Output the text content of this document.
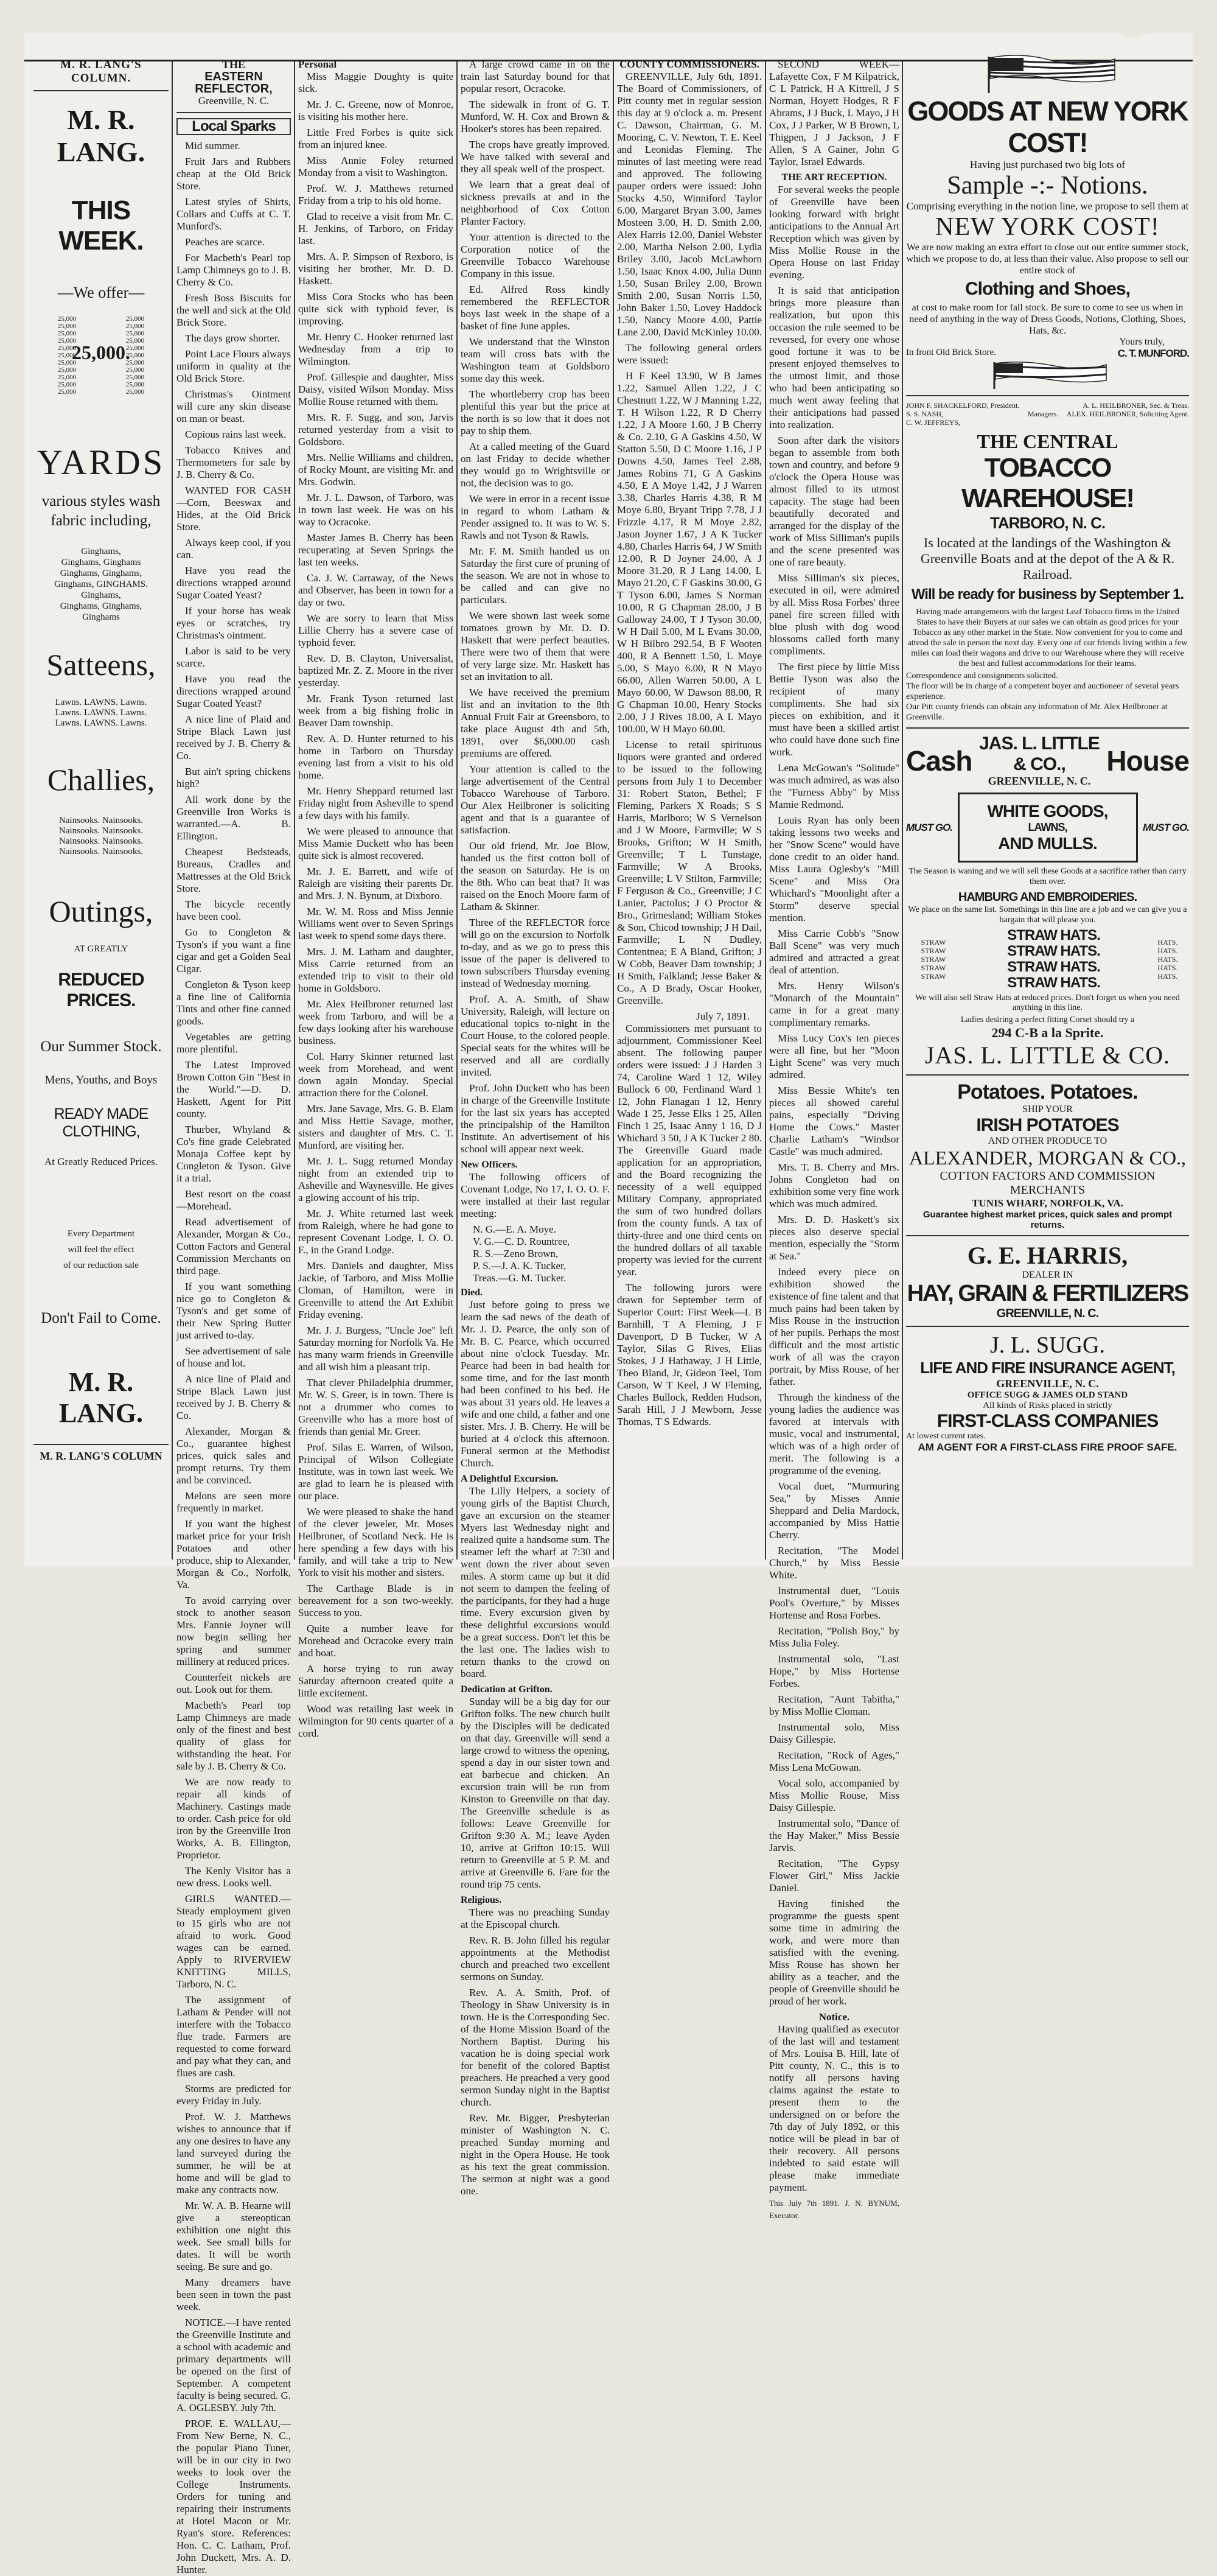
M. R. LANG'S COLUMN.
M. R. LANG.
THIS WEEK.
—We offer—

25,000
25,000
25,000
25,000
25,000
25,000
25,000
25,000
25,000
25,000
25,000

25,000
25,000
25,000
25,000
25,000
25,000
25,000
25,000
25,000
25,000
25,000

25,000.
YARDS
various styles wash fabric including,
Ginghams,
Ginghams, Ginghams
Ginghams, Ginghams,
Ginghams, GINGHAMS. Ginghams,
Ginghams, Ginghams,
Ginghams
Satteens,
Lawns. LAWNS. Lawns.
Lawns. LAWNS. Lawns.
Lawns. LAWNS. Lawns.
Challies,
Nainsooks. Nainsooks.
Nainsooks. Nainsooks.
Nainsooks. Nainsooks.
Nainsooks. Nainsooks.
Outings,
AT GREATLY
REDUCED PRICES.
Our Summer Stock.
Mens, Youths, and Boys
READY MADE CLOTHING,
At Greatly Reduced Prices.
Every Department
will feel the effect
of our reduction sale
Don't Fail to Come.
M. R. LANG.
M. R. LANG'S COLUMN
THE
EASTERN REFLECTOR,
Greenville, N. C.
Local Sparks

Mid summer.

Fruit Jars and Rubbers cheap at the Old Brick Store.

Latest styles of Shirts, Collars and Cuffs at C. T. Munford's.

Peaches are scarce.

For Macbeth's Pearl top Lamp Chimneys go to J. B. Cherry & Co.

Fresh Boss Biscuits for the well and sick at the Old Brick Store.

The days grow shorter.

Point Lace Flours always uniform in quality at the Old Brick Store.

Christmas's Ointment will cure any skin disease on man or beast.

Copious rains last week.

Tobacco Knives and Thermometers for sale by J. B. Cherry & Co.

WANTED FOR CASH—Corn, Beeswax and Hides, at the Old Brick Store.

Always keep cool, if you can.

Have you read the directions wrapped around Sugar Coated Yeast?

If your horse has weak eyes or scratches, try Christmas's ointment.

Labor is said to be very scarce.

Have you read the directions wrapped around Sugar Coated Yeast?

A nice line of Plaid and Stripe Black Lawn just received by J. B. Cherry & Co.

But ain't spring chickens high?

All work done by the Greenville Iron Works is warranted.—A. B. Ellington.

Cheapest Bedsteads, Bureaus, Cradles and Mattresses at the Old Brick Store.

The bicycle recently have been cool.

Go to Congleton & Tyson's if you want a fine cigar and get a Golden Seal Cigar.

Congleton & Tyson keep a fine line of California Tints and other fine canned goods.

Vegetables are getting more plentiful.

The Latest Improved Brown Cotton Gin "Best in the World."—D. D. Haskett, Agent for Pitt county.

Thurber, Whyland & Co's fine grade Celebrated Monaja Coffee kept by Congleton & Tyson. Give it a trial.

Best resort on the coast—Morehead.

Read advertisement of Alexander, Morgan & Co., Cotton Factors and General Commission Merchants on third page.

If you want something nice go to Congleton & Tyson's and get some of their New Spring Butter just arrived to-day.

See advertisement of sale of house and lot.

A nice line of Plaid and Stripe Black Lawn just received by J. B. Cherry & Co.

Alexander, Morgan & Co., guarantee highest prices, quick sales and prompt returns. Try them and be convinced.

Melons are seen more frequently in market.

If you want the highest market price for your Irish Potatoes and other produce, ship to Alexander, Morgan & Co., Norfolk, Va.

To avoid carrying over stock to another season Mrs. Fannie Joyner will now begin selling her spring and summer millinery at reduced prices.

Counterfeit nickels are out. Look out for them.

Macbeth's Pearl top Lamp Chimneys are made only of the finest and best quality of glass for withstanding the heat. For sale by J. B. Cherry & Co.

We are now ready to repair all kinds of Machinery. Castings made to order. Cash price for old iron by the Greenville Iron Works, A. B. Ellington, Proprietor.

The Kenly Visitor has a new dress. Looks well.

GIRLS WANTED.—Steady employment given to 15 girls who are not afraid to work. Good wages can be earned. Apply to RIVERVIEW KNITTING MILLS, Tarboro, N. C.

The assignment of Latham & Pender will not interfere with the Tobacco flue trade. Farmers are requested to come forward and pay what they can, and flues are cash.

Storms are predicted for every Friday in July.

Prof. W. J. Matthews wishes to announce that if any one desires to have any land surveyed during the summer, he will be at home and will be glad to make any contracts now.

Mr. W. A. B. Hearne will give a stereoptican exhibition one night this week. See small bills for dates. It will be worth seeing. Be sure and go.

Many dreamers have been seen in town the past week.

NOTICE.—I have rented the Greenville Institute and a school with academic and primary departments will be opened on the first of September. A competent faculty is being secured. G. A. OGLESBY. July 7th.

PROF. E. WALLAU,—From New Berne, N. C., the popular Piano Tuner, will be in our city in two weeks to look over the College Instruments. Orders for tuning and repairing their instruments at Hotel Macon or Mr. Ryan's store. References: Hon. C. C. Latham, Prof. John Duckett, Mrs. A. D. Hunter.

Personal

Miss Maggie Doughty is quite sick.

Mr. J. C. Greene, now of Monroe, is visiting his mother here.

Little Fred Forbes is quite sick from an injured knee.

Miss Annie Foley returned Monday from a visit to Washington.

Prof. W. J. Matthews returned Friday from a trip to his old home.

Glad to receive a visit from Mr. C. H. Jenkins, of Tarboro, on Friday last.

Mrs. A. P. Simpson of Rexboro, is visiting her brother, Mr. D. D. Haskett.

Miss Cora Stocks who has been quite sick with typhoid fever, is improving.

Mr. Henry C. Hooker returned last Wednesday from a trip to Wilmington.

Prof. Gillespie and daughter, Miss Daisy, visited Wilson Monday. Miss Mollie Rouse returned with them.

Mrs. R. F. Sugg, and son, Jarvis returned yesterday from a visit to Goldsboro.

Mrs. Nellie Williams and children, of Rocky Mount, are visiting Mr. and Mrs. Godwin.

Mr. J. L. Dawson, of Tarboro, was in town last week. He was on his way to Ocracoke.

Master James B. Cherry has been recuperating at Seven Springs the last ten weeks.

Ca. J. W. Carraway, of the News and Observer, has been in town for a day or two.

We are sorry to learn that Miss Lillie Cherry has a severe case of typhoid fever.

Rev. D. B. Clayton, Universalist, baptized Mr. Z. Z. Moore in the river yesterday.

Mr. Frank Tyson returned last week from a big fishing frolic in Beaver Dam township.

Rev. A. D. Hunter returned to his home in Tarboro on Thursday evening last from a visit to his old home.

Mr. Henry Sheppard returned last Friday night from Asheville to spend a few days with his family.

We were pleased to announce that Miss Mamie Duckett who has been quite sick is almost recovered.

Mr. J. E. Barrett, and wife of Raleigh are visiting their parents Dr. and Mrs. J. N. Bynum, at Dixboro.

Mr. W. M. Ross and Miss Jennie Williams went over to Seven Springs last week to spend some days there.

Mrs. J. M. Latham and daughter, Miss Carrie returned from an extended trip to visit to their old home in Goldsboro.

Mr. Alex Heilbroner returned last week from Tarboro, and will be a few days looking after his warehouse business.

Col. Harry Skinner returned last week from Morehead, and went down again Monday. Special attraction there for the Colonel.

Mrs. Jane Savage, Mrs. G. B. Elam and Miss Hettie Savage, mother, sisters and daughter of Mrs. C. T. Munford, are visiting her.

Mr. J. L. Sugg returned Monday night from an extended trip to Asheville and Waynesville. He gives a glowing account of his trip.

Mr. J. White returned last week from Raleigh, where he had gone to represent Covenant Lodge, I. O. O. F., in the Grand Lodge.

Mrs. Daniels and daughter, Miss Jackie, of Tarboro, and Miss Mollie Cloman, of Hamilton, were in Greenville to attend the Art Exhibit Friday evening.

Mr. J. J. Burgess, "Uncle Joe" left Saturday morning for Norfolk Va. He has many warm friends in Greenville and all wish him a pleasant trip.

That clever Philadelphia drummer, Mr. W. S. Greer, is in town. There is not a drummer who comes to Greenville who has a more host of friends than genial Mr. Greer.

Prof. Silas E. Warren, of Wilson, Principal of Wilson Collegiate Institute, was in town last week. We are glad to learn he is pleased with our place.

We were pleased to shake the hand of the clever jeweler, Mr. Moses Heilbroner, of Scotland Neck. He is here spending a few days with his family, and will take a trip to New York to visit his mother and sisters.

The Carthage Blade is in bereavement for a son two-weekly. Success to you.

Quite a number leave for Morehead and Ocracoke every train and boat.

A horse trying to run away Saturday afternoon created quite a little excitement.

Wood was retailing last week in Wilmington for 90 cents quarter of a cord.

A large crowd came in on the train last Saturday bound for that popular resort, Ocracoke.

The sidewalk in front of G. T. Munford, W. H. Cox and Brown & Hooker's stores has been repaired.

The crops have greatly improved. We have talked with several and they all speak well of the prospect.

We learn that a great deal of sickness prevails at and in the neighborhood of Cox Cotton Planter Factory.

Your attention is directed to the Corporation notice of the Greenville Tobacco Warehouse Company in this issue.

Ed. Alfred Ross kindly remembered the REFLECTOR boys last week in the shape of a basket of fine June apples.

We understand that the Winston team will cross bats with the Washington team at Goldsboro some day this week.

The whortleberry crop has been plentiful this year but the price at the north is so low that it does not pay to ship them.

At a called meeting of the Guard on last Friday to decide whether they would go to Wrightsville or not, the decision was to go.

We were in error in a recent issue in regard to whom Latham & Pender assigned to. It was to W. S. Rawls and not Tyson & Rawls.

Mr. F. M. Smith handed us on Saturday the first cure of pruning of the season. We are not in whose to be called and can give no particulars.

We were shown last week some tomatoes grown by Mr. D. D. Haskett that were perfect beauties. There were two of them that were of very large size. Mr. Haskett has set an invitation to all.

We have received the premium list and an invitation to the 8th Annual Fruit Fair at Greensboro, to take place August 4th and 5th, 1891, over $6,000.00 cash premiums are offered.

Your attention is called to the large advertisement of the Central Tobacco Warehouse of Tarboro. Our Alex Heilbroner is soliciting agent and that is a guarantee of satisfaction.

Our old friend, Mr. Joe Blow, handed us the first cotton boll of the season on Saturday. He is on the 8th. Who can beat that? It was raised on the Enoch Moore farm of Latham & Skinner.

Three of the REFLECTOR force will go on the excursion to Norfolk to-day, and as we go to press this issue of the paper is delivered to town subscribers Thursday evening instead of Wednesday morning.

Prof. A. A. Smith, of Shaw University, Raleigh, will lecture on educational topics to-night in the Court House, to the colored people. Special seats for the whites will be reserved and all are cordially invited.

Prof. John Duckett who has been in charge of the Greenville Institute for the last six years has accepted the principalship of the Hamilton Institute. An advertisement of his school will appear next week.

New Officers.

The following officers of Covenant Lodge, No 17, I. O. O. F. were installed at their last regular meeting:

N. G.—E. A. Moye.
V. G.—C. D. Rountree,
R. S.—Zeno Brown,
P. S.—J. A. K. Tucker,
Treas.—G. M. Tucker.
Died.

Just before going to press we learn the sad news of the death of Mr. J. D. Pearce, the only son of Mr. B. C. Pearce, which occurred about nine o'clock Tuesday. Mr. Pearce had been in bad health for some time, and for the last month had been confined to his bed. He was about 31 years old. He leaves a wife and one child, a father and one sister. Mrs. J. B. Cherry. He will be buried at 4 o'clock this afternoon. Funeral sermon at the Methodist Church.

A Delightful Excursion.

The Lilly Helpers, a society of young girls of the Baptist Church, gave an excursion on the steamer Myers last Wednesday night and realized quite a handsome sum. The steamer left the wharf at 7:30 and went down the river about seven miles. A storm came up but it did not seem to dampen the feeling of the participants, for they had a huge time. Every excursion given by these delightful excursions would be a great success. Don't let this be the last one. The ladies wish to return thanks to the crowd on board.

Dedication at Grifton.

Sunday will be a big day for our Grifton folks. The new church built by the Disciples will be dedicated on that day. Greenville will send a large crowd to witness the opening, spend a day in our sister town and eat barbecue and chicken. An excursion train will be run from Kinston to Greenville on that day. The Greenville schedule is as follows: Leave Greenville for Grifton 9:30 A. M.; leave Ayden 10, arrive at Grifton 10:15. Will return to Greenville at 5 P. M. and arrive at Greenville 6. Fare for the round trip 75 cents.

Religious.

There was no preaching Sunday at the Episcopal church.

Rev. R. B. John filled his regular appointments at the Methodist church and preached two excellent sermons on Sunday.

Rev. A. A. Smith, Prof. of Theology in Shaw University is in town. He is the Corresponding Sec. of the Home Mission Board of the Northern Baptist. During his vacation he is doing special work for benefit of the colored Baptist preachers. He preached a very good sermon Sunday night in the Baptist church.

Rev. Mr. Bigger, Presbyterian minister of Washington N. C. preached Sunday morning and night in the Opera House. He took as his text the great commission. The sermon at night was a good one.

COUNTY COMMISSIONERS.

GREENVILLE, July 6th, 1891. The Board of Commissioners, of Pitt county met in regular session this day at 9 o'clock a. m. Present C. Dawson, Chairman, G. M. Mooring, C. V. Newton, T. E. Keel and Leonidas Fleming. The minutes of last meeting were read and approved. The following pauper orders were issued: John Stocks 4.50, Winniford Taylor 6.00, Margaret Bryan 3.00, James Mosteen 3.00, H. D. Smith 2.00, Alex Harris 12.00, Daniel Webster 2.00, Martha Nelson 2.00, Lydia Briley 3.00, Jacob McLawhorn 1.50, Isaac Knox 4.00, Julia Dunn 1.50, Susan Briley 2.00, Brown Smith 2.00, Susan Norris 1.50, John Baker 1.50, Lovey Haddock 1.50, Nancy Moore 4.00, Pattie Lane 2.00, David McKinley 10.00.

The following general orders were issued:

H F Keel 13.90, W B James 1.22, Samuel Allen 1.22, J C Chestnutt 1.22, W J Manning 1.22, T. H Wilson 1.22, R D Cherry 1.22, J A Moore 1.60, J B Cherry & Co. 2.10, G A Gaskins 4.50, W Statton 5.50, D C Moore 1.16, J P Downs 4.50, James Teel 2.88, James Robins 71, G A Gaskins 4.50, E A Moye 1.42, J J Warren 3.38, Charles Harris 4.38, R M Moye 6.80, Bryant Tripp 7.78, J J Frizzle 4.17, R M Moye 2.82, Jason Joyner 1.67, J A K Tucker 4.80, Charles Harris 64, J W Smith 12.00, R D Joyner 24.00, A J Moore 31.20, R J Lang 14.00, L Mayo 21.20, C F Gaskins 30.00, G T Tyson 6.00, James S Norman 10.00, R G Chapman 28.00, J B Galloway 24.00, T J Tyson 30.00, W H Dail 5.00, M L Evans 30.00, W H Bilbro 292.54, B F Wooten 400, R A Bennett 1.50, L Moye 5.00, S Mayo 6.00, R N Mayo 66.00, Allen Warren 50.00, A L Mayo 60.00, W Dawson 88.00, R G Chapman 10.00, Henry Stocks 2.00, J J Rives 18.00, A L Mayo 100.00, W H Mayo 60.00.

License to retail spirituous liquors were granted and ordered to be issued to the following persons from July 1 to December 31: Robert Staton, Bethel; F Fleming, Parkers X Roads; S S Harris, Marlboro; W S Vernelson and J W Moore, Farmville; W S Brooks, Grifton; W H Smith, Greenville; T L Tunstage, Farmville; W A Brooks, Greenville; L V Stilton, Farmville; F Ferguson & Co., Greenville; J C Lanier, Pactolus; J O Proctor & Bro., Grimesland; William Stokes & Son, Chicod township; J H Dail, Farmville; L N Dudley, Contentnea; E A Bland, Grifton; J W Cobb, Beaver Dam township; J H Smith, Falkland; Jesse Baker & Co., A D Brady, Oscar Hooker, Greenville.

July 7, 1891.

Commissioners met pursuant to adjournment, Commissioner Keel absent. The following pauper orders were issued: J J Harden 3 74, Caroline Ward 1 12, Wiley Bullock 6 00, Ferdinand Ward 1 12, John Flanagan 1 12, Henry Wade 1 25, Jesse Elks 1 25, Allen Finch 1 25, Isaac Anny 1 16, D J Whichard 3 50, J A K Tucker 2 80. The Greenville Guard made application for an appropriation, and the Board recognizing the necessity of a well equipped Military Company, appropriated the sum of two hundred dollars from the county funds. A tax of thirty-three and one third cents on the hundred dollars of all taxable property was levied for the current year.

The following jurors were drawn for September term of Superior Court: First Week—L B Barnhill, T A Fleming, J F Davenport, D B Tucker, W A Taylor, Silas G Rives, Elias Stokes, J J Hathaway, J H Little, Theo Bland, Jr, Gideon Teel, Tom Carson, W T Keel, J W Fleming, Charles Bullock, Redden Hudson, Sarah Hill, J J Mewborn, Jesse Thomas, T S Edwards.

SECOND WEEK—Lafayette Cox, F M Kilpatrick, C L Patrick, H A Kittrell, J S Norman, Hoyett Hodges, R F Abrams, J J Buck, L Mayo, J H Cox, J J Parker, W B Brown, L Thigpen, J J Jackson, J F Allen, S A Gainer, John G Taylor, Israel Edwards.

THE ART RECEPTION.

For several weeks the people of Greenville have been looking forward with bright anticipations to the Annual Art Reception which was given by Miss Mollie Rouse in the Opera House on last Friday evening.

It is said that anticipation brings more pleasure than realization, but upon this occasion the rule seemed to be reversed, for every one whose good fortune it was to be present enjoyed themselves to the utmost limit, and those who had been anticipating so much went away feeling that their anticipations had passed into realization.

Soon after dark the visitors began to assemble from both town and country, and before 9 o'clock the Opera House was almost filled to its utmost capacity. The stage had been beautifully decorated and arranged for the display of the work of Miss Silliman's pupils and the scene presented was one of rare beauty.

Miss Silliman's six pieces, executed in oil, were admired by all. Miss Rosa Forbes' three panel fire screen filled with blue plush with dog wood blossoms called forth many compliments.

The first piece by little Miss Bettie Tyson was also the recipient of many compliments. She had six pieces on exhibition, and it must have been a skilled artist who could have done such fine work.

Lena McGowan's "Solitude" was much admired, as was also the "Furness Abby" by Miss Mamie Redmond.

Louis Ryan has only been taking lessons two weeks and her "Snow Scene" would have done credit to an older hand. Miss Laura Oglesby's "Mill Scene" and Miss Ora Whichard's "Moonlight after a Storm" deserve special mention.

Miss Carrie Cobb's "Snow Ball Scene" was very much admired and attracted a great deal of attention.

Mrs. Henry Wilson's "Monarch of the Mountain" came in for a great many complimentary remarks.

Miss Lucy Cox's ten pieces were all fine, but her "Moon Light Scene" was very much admired.

Miss Bessie White's ten pieces all showed careful pains, especially "Driving Home the Cows." Master Charlie Latham's "Windsor Castle" was much admired.

Mrs. T. B. Cherry and Mrs. Johns Congleton had on exhibition some very fine work which was much admired.

Mrs. D. D. Haskett's six pieces also deserve special mention, especially the "Storm at Sea."

Indeed every piece on exhibition showed the existence of fine talent and that much pains had been taken by Miss Rouse in the instruction of her pupils. Perhaps the most difficult and the most artistic work of all was the crayon portrait, by Miss Rouse, of her father.

Through the kindness of the young ladies the audience was favored at intervals with music, vocal and instrumental, which was of a high order of merit. The following is a programme of the evening.

Vocal duet, "Murmuring Sea," by Misses Annie Sheppard and Delia Mardock, accompanied by Miss Hattie Cherry.

Recitation, "The Model Church," by Miss Bessie White.

Instrumental duet, "Louis Pool's Overture," by Misses Hortense and Rosa Forbes.

Recitation, "Polish Boy," by Miss Julia Foley.

Instrumental solo, "Last Hope," by Miss Hortense Forbes.

Recitation, "Aunt Tabitha," by Miss Mollie Cloman.

Instrumental solo, Miss Daisy Gillespie.

Recitation, "Rock of Ages," Miss Lena McGowan.

Vocal solo, accompanied by Miss Mollie Rouse, Miss Daisy Gillespie.

Instrumental solo, "Dance of the Hay Maker," Miss Bessie Jarvis.

Recitation, "The Gypsy Flower Girl," Miss Jackie Daniel.

Having finished the programme the guests spent some time in admiring the work, and were more than satisfied with the evening. Miss Rouse has shown her ability as a teacher, and the people of Greenville should be proud of her work.

Notice.

Having qualified as executor of the last will and testament of Mrs. Louisa B. Hill, late of Pitt county, N. C., this is to notify all persons having claims against the estate to present them to the undersigned on or before the 7th day of July 1892, or this notice will be plead in bar of their recovery. All persons indebted to said estate will please make immediate payment.

This July 7th 1891. J. N. BYNUM, Executor.
GOODS AT NEW YORK COST!
Having just purchased two big lots of
Sample -:- Notions.
Comprising everything in the notion line, we propose to sell them at
NEW YORK COST!
We are now making an extra effort to close out our entire summer stock, which we propose to do, at less than their value. Also propose to sell our entire stock of
Clothing and Shoes,
at cost to make room for fall stock. Be sure to come to see us when in need of anything in the way of Dress Goods, Notions, Clothing, Shoes, Hats, &c.
Yours truly,
In front Old Brick Store.	C. T. MUNFORD.
JOHN F. SHACKELFORD, President.
S. S. NASH,
C. W. JEFFREYS,
Managers.
A. L. HEILBRONER, Sec. & Treas.
ALEX. HEILBRONER, Soliciting Agent.
THE CENTRAL
TOBACCO WAREHOUSE!
TARBORO, N. C.
Is located at the landings of the Washington & Greenville Boats and at the depot of the A & R. Railroad.
Will be ready for business by September 1.
Having made arrangements with the largest Leaf Tobacco firms in the United States to have their Buyers at our sales we can obtain as good prices for your Tobacco as any other market in the State. Now convenient for you to come and attend the sale in person the next day. Every one of our friends living within a few miles can load their wagons and drive to our Warehouse where they will receive the best and fullest accommodations for their teams.
Correspondence and consignments solicited.
The floor will be in charge of a competent buyer and auctioneer of several years experience.
Our Pitt county friends can obtain any information of Mr. Alex Heilbroner at Greenville.
Cash
JAS. L. LITTLE & CO.,
GREENVILLE, N. C.
House
MUST GO.
WHITE GOODS,
LAWNS,
AND MULLS.
MUST GO.
The Season is waning and we will sell these Goods at a sacrifice rather than carry them over.
HAMBURG AND EMBROIDERIES.
We place on the same list. Somethings in this line are a job and we can give you a bargain that will please you.
STRAW
STRAW
STRAW
STRAW
STRAW
STRAW HATS.
STRAW HATS.
STRAW HATS.
STRAW HATS.
HATS.
HATS.
HATS.
HATS.
HATS.
We will also sell Straw Hats at reduced prices. Don't forget us when you need anything in this line.
Ladies desiring a perfect fitting Corset should try a
294 C-B a la Sprite.
JAS. L. LITTLE & CO.
Potatoes. Potatoes.
SHIP YOUR
IRISH POTATOES
AND OTHER PRODUCE TO
ALEXANDER, MORGAN & CO.,
COTTON FACTORS AND COMMISSION MERCHANTS
TUNIS WHARF, NORFOLK, VA.
Guarantee highest market prices, quick sales and prompt returns.
G. E. HARRIS,
DEALER IN
HAY, GRAIN & FERTILIZERS
GREENVILLE, N. C.
J. L. SUGG.
LIFE AND FIRE INSURANCE AGENT,
GREENVILLE, N. C.
OFFICE SUGG & JAMES OLD STAND
All kinds of Risks placed in strictly
FIRST-CLASS COMPANIES
At lowest current rates.
AM AGENT FOR A FIRST-CLASS FIRE PROOF SAFE.
